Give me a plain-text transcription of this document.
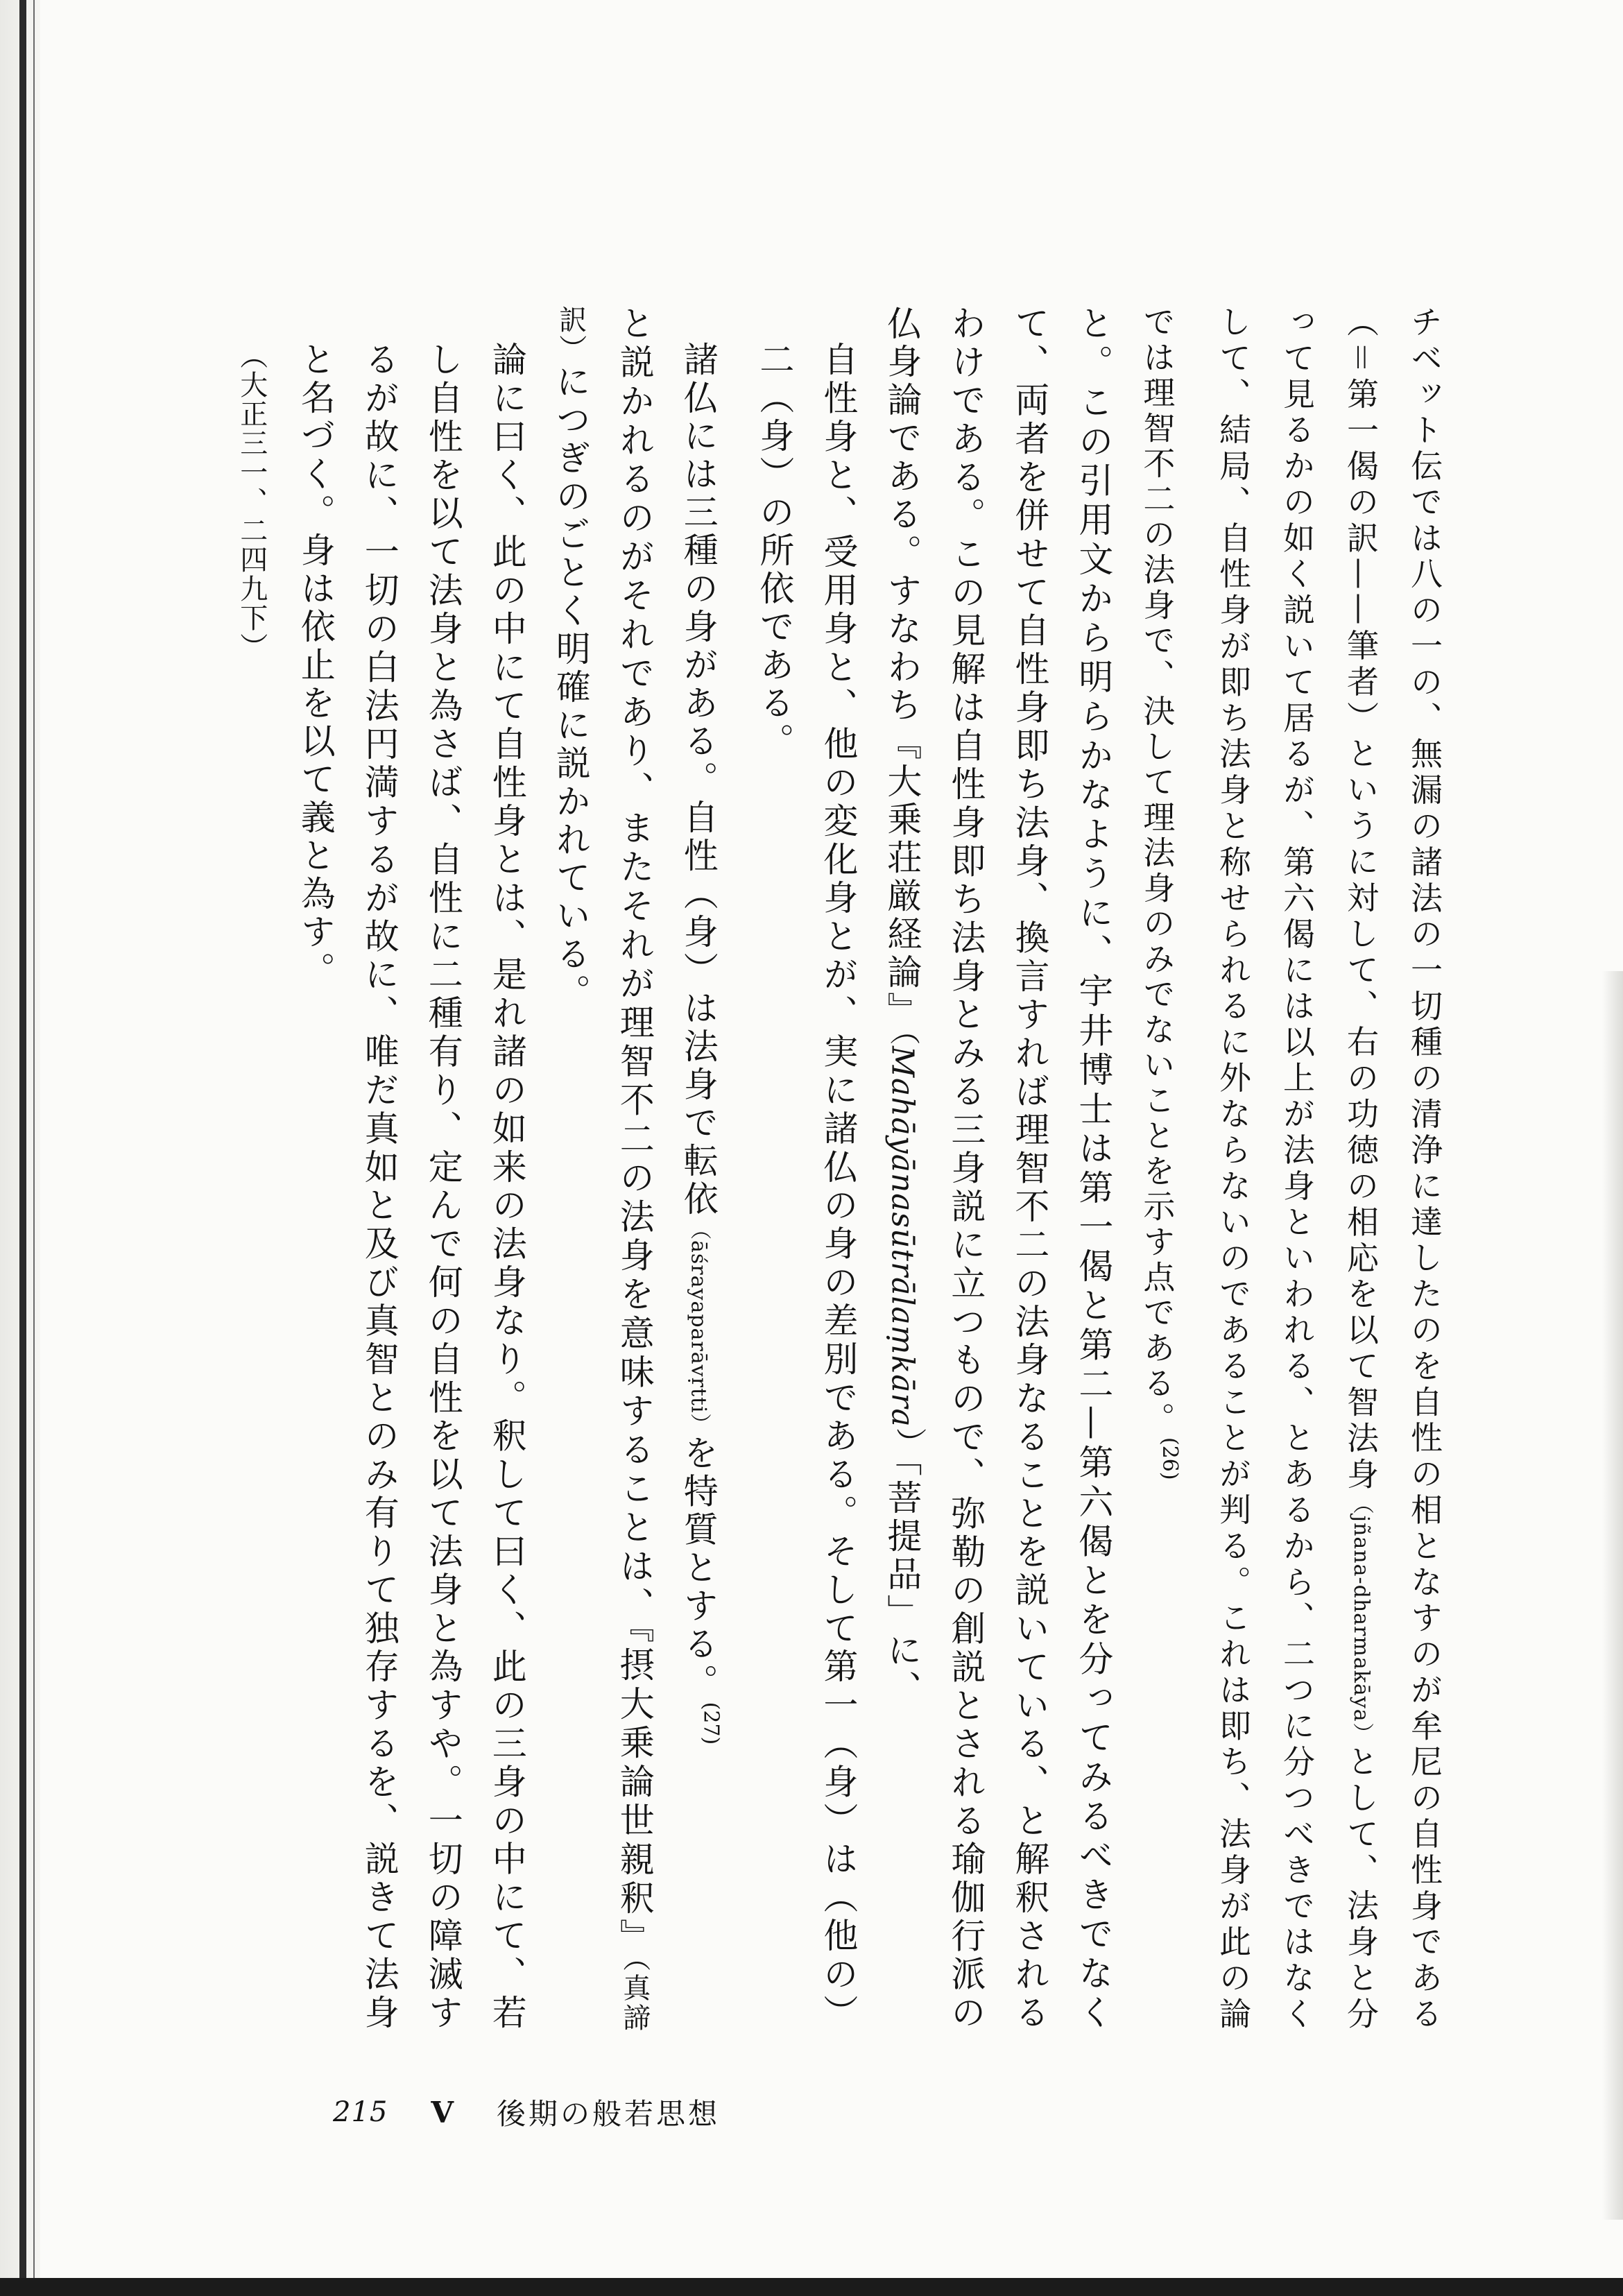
チベット伝では八の一の、無漏の諸法の一切種の清浄に達したのを自性の相となすのが牟尼の自性身である（＝第一偈の訳——筆者）というに対して、右の功徳の相応を以て智法身（jñana-dharmakāya）として、法身と分って見るかの如く説いて居るが、第六偈には以上が法身といわれる、とあるから、二つに分つべきではなくして、結局、自性身が即ち法身と称せられるに外ならないのであることが判る。これは即ち、法身が此の論では理智不二の法身で、決して理法身のみでないことを示す点である。$^{(26)}$

と。この引用文から明らかなように、宇井博士は第一偈と第二—第六偈とを分ってみるべきでなくて、両者を併せて自性身即ち法身、換言すれば理智不二の法身なることを説いている、と解釈されるわけである。この見解は自性身即ち法身とみる三身説に立つもので、弥勒の創説とされる瑜伽行派の仏身論である。すなわち『大乗荘厳経論』（Mahāyānasūtrālaṃkāra）「菩提品」に、

自性身と、受用身と、他の変化身とが、実に諸仏の身の差別である。そして第一（身）は（他の）二（身）の所依である。

諸仏には三種の身がある。自性（身）は法身で転依（āśrayaparāvṛtti）を特質とする。$^{(27)}$

と説かれるのがそれであり、またそれが理智不二の法身を意味することは、『摂大乗論世親釈』（真諦訳）につぎのごとく明確に説かれている。

論に曰く、此の中にて自性身とは、是れ諸の如来の法身なり。釈して曰く、此の三身の中にて、若し自性を以て法身と為さば、自性に二種有り、定んで何の自性を以て法身と為すや。一切の障滅するが故に、一切の白法円満するが故に、唯だ真如と及び真智とのみ有りて独存するを、説きて法身と名づく。身は依止を以て義と為す。
（大正三一、二四九下）

215 V 後期の般若思想
